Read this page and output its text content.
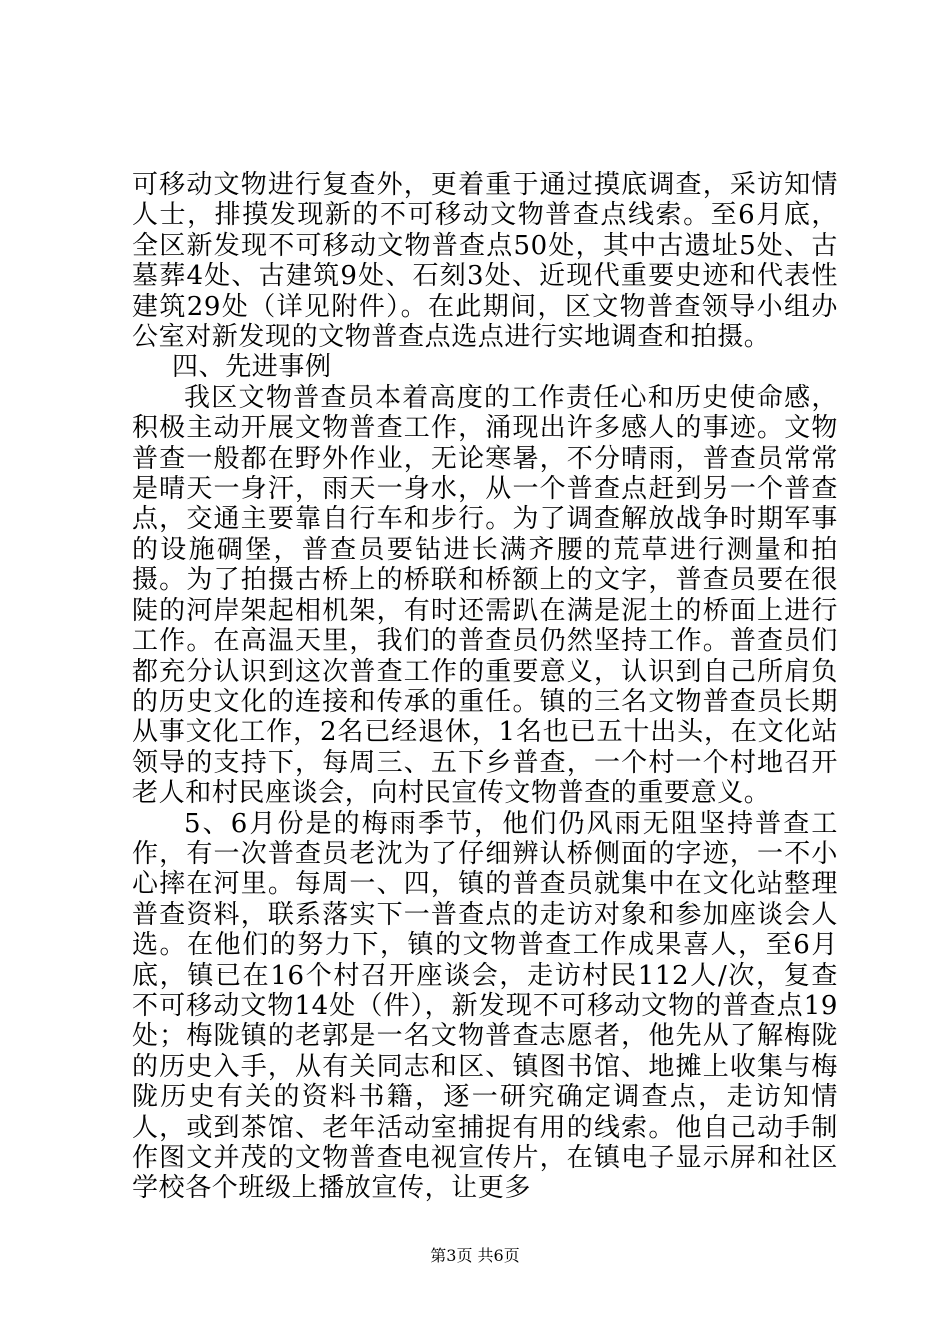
可移动文物进行复查外，更着重于通过摸底调查，采访知情人士，排摸发现新的不可移动文物普查点线索。至6月底，全区新发现不可移动文物普查点50处，其中古遗址5处、古墓葬4处、古建筑9处、石刻3处、近现代重要史迹和代表性建筑29处（详见附件）。在此期间，区文物普查领导小组办公室对新发现的文物普查点选点进行实地调查和拍摄。

四、先进事例

我区文物普查员本着高度的工作责任心和历史使命感，积极主动开展文物普查工作，涌现出许多感人的事迹。文物普查一般都在野外作业，无论寒暑，不分晴雨，普查员常常是晴天一身汗，雨天一身水，从一个普查点赶到另一个普查点，交通主要靠自行车和步行。为了调查解放战争时期军事的设施碉堡，普查员要钻进长满齐腰的荒草进行测量和拍摄。为了拍摄古桥上的桥联和桥额上的文字，普查员要在很陡的河岸架起相机架，有时还需趴在满是泥土的桥面上进行工作。在高温天里，我们的普查员仍然坚持工作。普查员们都充分认识到这次普查工作的重要意义，认识到自己所肩负的历史文化的连接和传承的重任。镇的三名文物普查员长期从事文化工作，2名已经退休，1名也已五十出头，在文化站领导的支持下，每周三、五下乡普查，一个村一个村地召开老人和村民座谈会，向村民宣传文物普查的重要意义。

5、6月份是的梅雨季节，他们仍风雨无阻坚持普查工作，有一次普查员老沈为了仔细辨认桥侧面的字迹，一不小心摔在河里。每周一、四，镇的普查员就集中在文化站整理普查资料，联系落实下一普查点的走访对象和参加座谈会人选。在他们的努力下，镇的文物普查工作成果喜人，至6月底，镇已在16个村召开座谈会，走访村民112人/次，复查不可移动文物14处（件），新发现不可移动文物的普查点19处；梅陇镇的老郭是一名文物普查志愿者，他先从了解梅陇的历史入手，从有关同志和区、镇图书馆、地摊上收集与梅陇历史有关的资料书籍，逐一研究确定调查点，走访知情人，或到茶馆、老年活动室捕捉有用的线索。他自己动手制作图文并茂的文物普查电视宣传片，在镇电子显示屏和社区学校各个班级上播放宣传，让更多

第3页 共6页
